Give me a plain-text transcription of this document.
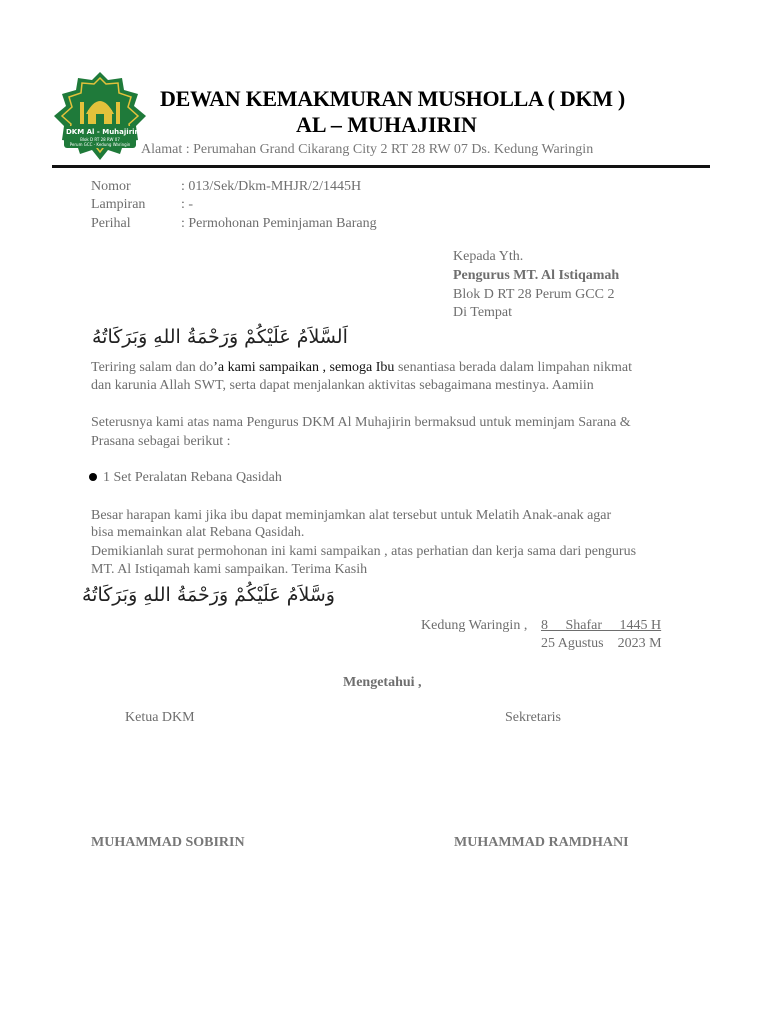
DKM Al - Muhajirin
Blok D RT 28 RW 07
Perum GCC - Kedung Waringin
DEWAN KEMAKMURAN MUSHOLLA ( DKM )
AL – MUHAJIRIN
Alamat : Perumahan Grand Cikarang City 2 RT 28 RW 07 Ds. Kedung Waringin
Nomor	: 013/Sek/Dkm-MHJR/2/1445H
Lampiran	: -
Perihal	: Permohonan Peminjaman Barang
Kepada Yth.
Pengurus MT. Al Istiqamah
Blok D RT 28 Perum GCC 2
Di Tempat
اَلسَّلاَمُ عَلَيْكُمْ وَرَحْمَةُ اللهِ وَبَرَكَاتُهُ
Teriring salam dan do’a kami sampaikan , semoga Ibu senantiasa berada dalam limpahan nikmat
dan karunia Allah SWT, serta dapat menjalankan aktivitas sebagaimana mestinya. Aamiin
Seterusnya kami atas nama Pengurus DKM Al Muhajirin bermaksud untuk meminjam Sarana &
Prasana sebagai berikut :
1 Set Peralatan Rebana Qasidah
Besar harapan kami jika ibu dapat meminjamkan alat tersebut untuk Melatih Anak-anak agar
bisa memainkan alat Rebana Qasidah.
Demikianlah surat permohonan ini kami sampaikan , atas perhatian dan kerja sama dari pengurus
MT. Al Istiqamah kami sampaikan. Terima Kasih
وَسَّلاَمُ عَلَيْكُمْ وَرَحْمَةُ اللهِ وَبَرَكَاتُهُ
Kedung Waringin , 8     Shafar     1445 H
25 Agustus    2023 M
Mengetahui ,
Ketua DKM	Sekretaris
MUHAMMAD SOBIRIN	MUHAMMAD RAMDHANI
